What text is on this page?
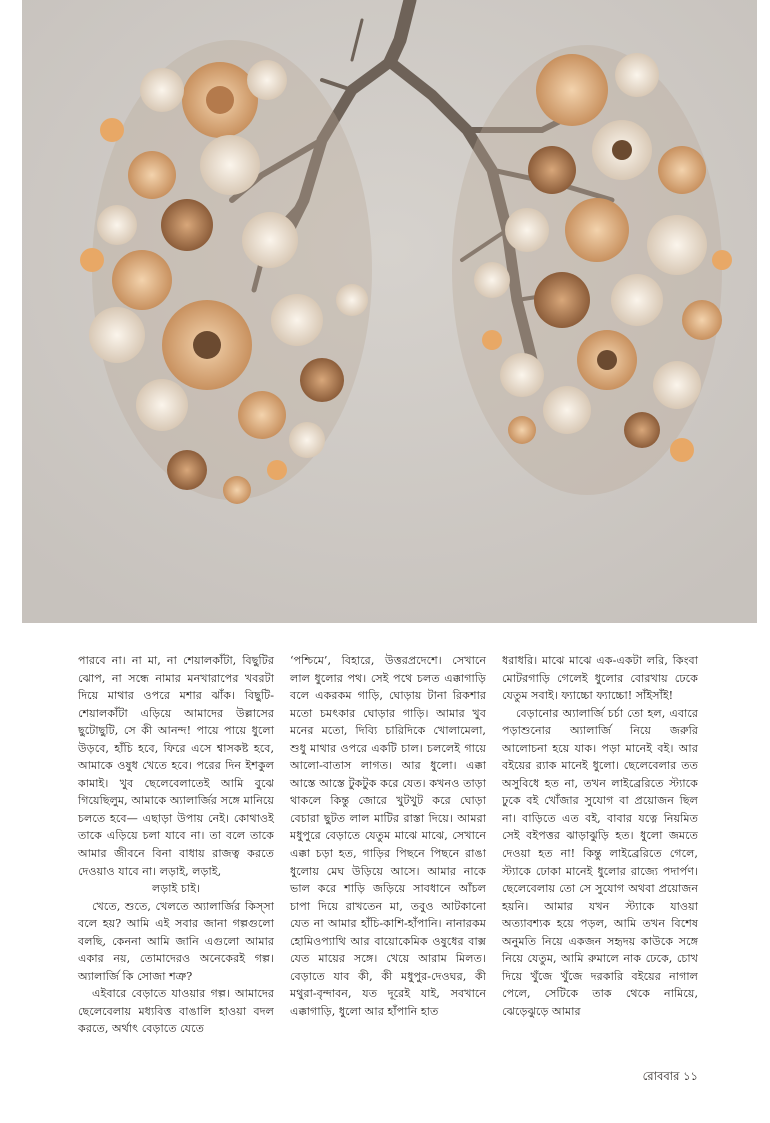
পারবে না। না মা, না শেয়ালকাঁটা, বিছুটির ঝোপ, না সন্ধে নামার মনখারাপের খবরটা দিয়ে মাথার ওপরে মশার ঝাঁক। বিছুটি-শেয়ালকাঁটা এড়িয়ে আমাদের উল্লাসের ছুটোছুটি, সে কী আনন্দ! পায়ে পায়ে ধুলো উড়বে, হাঁচি হবে, ফিরে এসে শ্বাসকষ্ট হবে, আমাকে ওষুধ খেতে হবে। পরের দিন ইশকুল কামাই। খুব ছেলেবেলাতেই আমি বুঝে গিয়েছিলুম, আমাকে অ্যালার্জির সঙ্গে মানিয়ে চলতে হবে— এছাড়া উপায় নেই। কোথাওই তাকে এড়িয়ে চলা যাবে না। তা বলে তাকে আমার জীবনে বিনা বাধায় রাজত্ব করতে দেওয়াও যাবে না। লড়াই, লড়াই,

লড়াই চাই।

খেতে, শুতে, খেলতে অ্যালার্জির কিস্সা বলে হয়? আমি এই সবার জানা গল্পগুলো বলছি, কেননা আমি জানি এগুলো আমার একার নয়, তোমাদেরও অনেকেরই গল্প। অ্যালার্জি কি সোজা শত্রু?

এইবারে বেড়াতে যাওয়ার গল্প। আমাদের ছেলেবেলায় মধ্যবিত্ত বাঙালি হাওয়া বদল করতে, অর্থাৎ বেড়াতে যেতে

‘পশ্চিমে’, বিহারে, উত্তরপ্রদেশে। সেখানে লাল ধুলোর পথ। সেই পথে চলত এক্কাগাড়ি বলে একরকম গাড়ি, ঘোড়ায় টানা রিকশার মতো চমৎকার ঘোড়ার গাড়ি। আমার খুব মনের মতো, দিব্যি চারিদিকে খোলামেলা, শুধু মাথার ওপরে একটি চাল। চললেই গায়ে আলো-বাতাস লাগত। আর ধুলো। এক্কা আস্তে আস্তে টুকটুক করে যেত। কখনও তাড়া থাকলে কিন্তু জোরে খুটখুট করে ঘোড়া বেচারা ছুটত লাল মাটির রাস্তা দিয়ে। আমরা মধুপুরে বেড়াতে যেতুম মাঝে মাঝে, সেখানে এক্কা চড়া হত, গাড়ির পিছনে পিছনে রাঙা ধুলোয় মেঘ উড়িয়ে আসে। আমার নাকে ভাল করে শাড়ি জড়িয়ে সাবধানে আঁচল চাপা দিয়ে রাখতেন মা, তবুও আটকানো যেত না আমার হাঁচি-কাশি-হাঁপানি। নানারকম হোমিওপ্যাথি আর বায়োকেমিক ওষুধের বাক্স যেত মায়ের সঙ্গে। খেয়ে আরাম মিলত। বেড়াতে যাব কী, কী মধুপুর-দেওঘর, কী মথুরা-বৃন্দাবন, যত দূরেই যাই, সবখানে এক্কাগাড়ি, ধুলো আর হাঁপানি হাত

ধরাধরি। মাঝে মাঝে এক-একটা লরি, কিংবা মোটরগাড়ি গেলেই ধুলোর বোরখায় ঢেকে যেতুম সবাই। ফ্যাচ্চো ফ্যাচ্চো! সাঁইসাঁই!

বেড়ানোর অ্যালার্জি চর্চা তো হল, এবারে পড়াশুনোর অ্যালার্জি নিয়ে জরুরি আলোচনা হয়ে যাক। পড়া মানেই বই। আর বইয়ের র‍্যাক মানেই ধুলো। ছেলেবেলার তত অসুবিধে হত না, তখন লাইব্রেরিতে স্ট্যাকে ঢুকে বই খোঁজার সুযোগ বা প্রয়োজন ছিল না। বাড়িতে এত বই, বাবার যত্নে নিয়মিত সেই বইপত্তর ঝাড়াঝুড়ি হত। ধুলো জমতে দেওয়া হত না! কিন্তু লাইব্রেরিতে গেলে, স্ট্যাকে ঢোকা মানেই ধুলোর রাজ্যে পদার্পণ। ছেলেবেলায় তো সে সুযোগ অথবা প্রয়োজন হয়নি। আমার যখন স্ট্যাকে যাওয়া অত্যাবশ্যক হয়ে পড়ল, আমি তখন বিশেষ অনুমতি নিয়ে একজন সহৃদয় কাউকে সঙ্গে নিয়ে যেতুম, আমি রুমালে নাক ঢেকে, চোখ দিয়ে খুঁজে খুঁজে দরকারি বইয়ের নাগাল পেলে, সেটিকে তাক থেকে নামিয়ে, ঝেড়েঝুড়ে আমার

রোববার ১১
